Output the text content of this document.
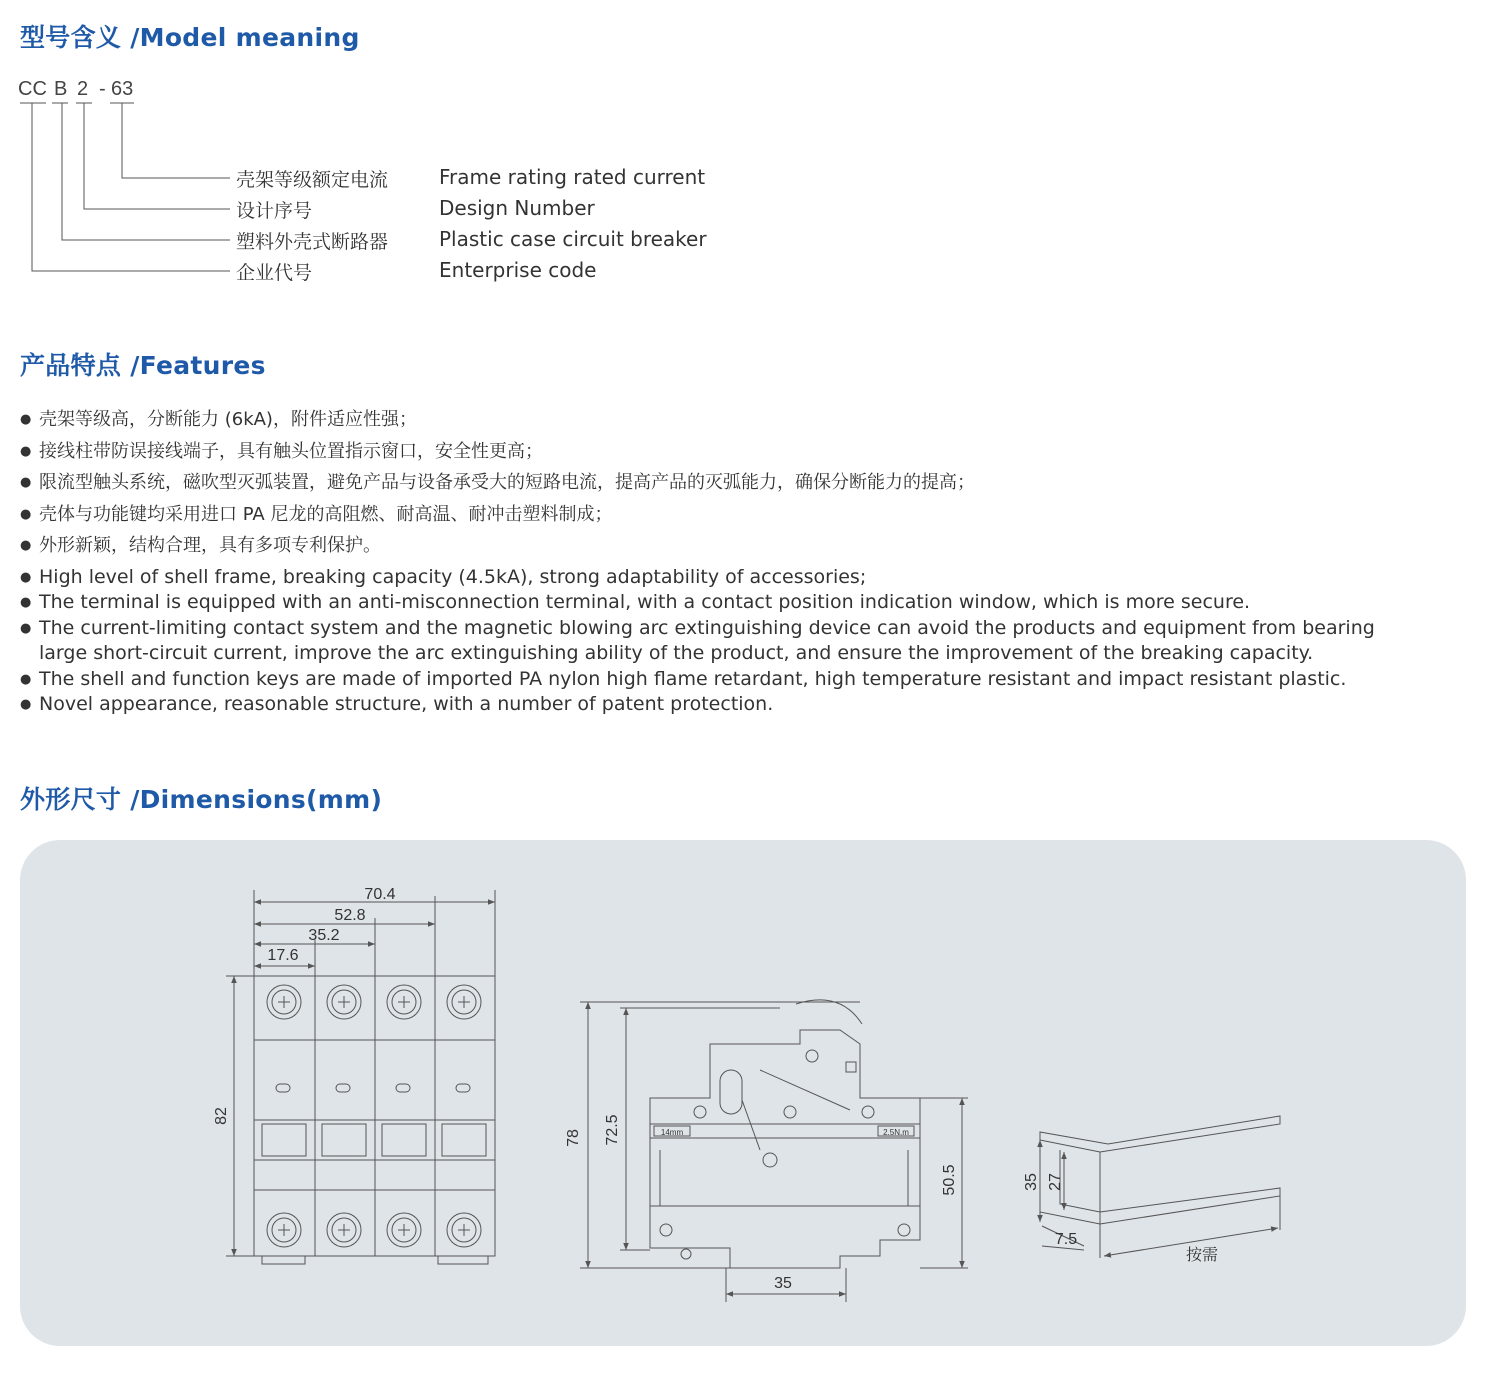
型号含义 /Model meaning
CC B 2 - 63
壳架等级额定电流	Frame rating rated current
设计序号	Design Number
塑料外壳式断路器	Plastic case circuit breaker
企业代号	Enterprise code
产品特点 /Features
● 壳架等级高，分断能力 (6kA)，附件适应性强；
● 接线柱带防误接线端子，具有触头位置指示窗口，安全性更高；
● 限流型触头系统，磁吹型灭弧装置，避免产品与设备承受大的短路电流，提高产品的灭弧能力，确保分断能力的提高；
● 壳体与功能键均采用进口 PA 尼龙的高阻燃、耐高温、耐冲击塑料制成；
● 外形新颖，结构合理，具有多项专利保护。
● High level of shell frame, breaking capacity (4.5kA), strong adaptability of accessories;
● The terminal is equipped with an anti-misconnection terminal, with a contact position indication window, which is more secure.
● The current-limiting contact system and the magnetic blowing arc extinguishing device can avoid the products and equipment from bearing large short-circuit current, improve the arc extinguishing ability of the product, and ensure the improvement of the breaking capacity.
● The shell and function keys are made of imported PA nylon high flame retardant, high temperature resistant and impact resistant plastic.
● Novel appearance, reasonable structure, with a number of patent protection.
外形尺寸 /Dimensions(mm)
70.4
52.8
35.2
17.6
82
78 72.5
50.5
35
14mm	2.5N.m
35 27
7.5
按需
